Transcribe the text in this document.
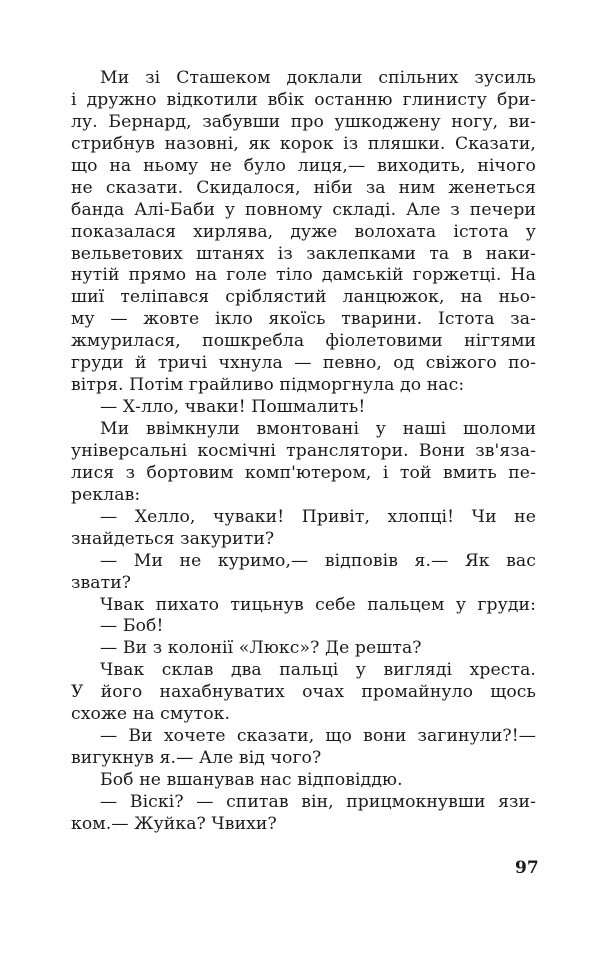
Ми зі Сташеком доклали спільних зусиль
і дружно відкотили вбік останню глинисту бри-
лу. Бернард, забувши про ушкоджену ногу, ви-
стрибнув назовні, як корок із пляшки. Сказати,
що на ньому не було лиця,— виходить, нічого
не сказати. Скидалося, ніби за ним женеться
банда Алі-Баби у повному складі. Але з печери
показалася хирлява, дуже волохата істота у
вельветових штанях із заклепками та в наки-
нутій прямо на голе тіло дамській горжетці. На
шиї теліпався сріблястий ланцюжок, на ньо-
му — жовте ікло якоїсь тварини. Істота за-
жмурилася, пошкребла фіолетовими нігтями
груди й тричі чхнула — певно, од свіжого по-
вітря. Потім грайливо підморгнула до нас:
— Х-лло, чваки! Пошмалить!
Ми ввімкнули вмонтовані у наші шоломи
універсальні космічні транслятори. Вони зв'яза-
лися з бортовим комп'ютером, і той вмить пе-
реклав:
— Хелло, чуваки! Привіт, хлопці! Чи не
знайдеться закурити?
— Ми не куримо,— відповів я.— Як вас
звати?
Чвак пихато тицьнув себе пальцем у груди:
— Боб!
— Ви з колонії «Люкс»? Де решта?
Чвак склав два пальці у вигляді хреста.
У його нахабнуватих очах промайнуло щось
схоже на смуток.
— Ви хочете сказати, що вони загинули?!—
вигукнув я.— Але від чого?
Боб не вшанував нас відповіддю.
— Віскі? — спитав він, прицмокнувши язи-
ком.— Жуйка? Чвихи?
97
